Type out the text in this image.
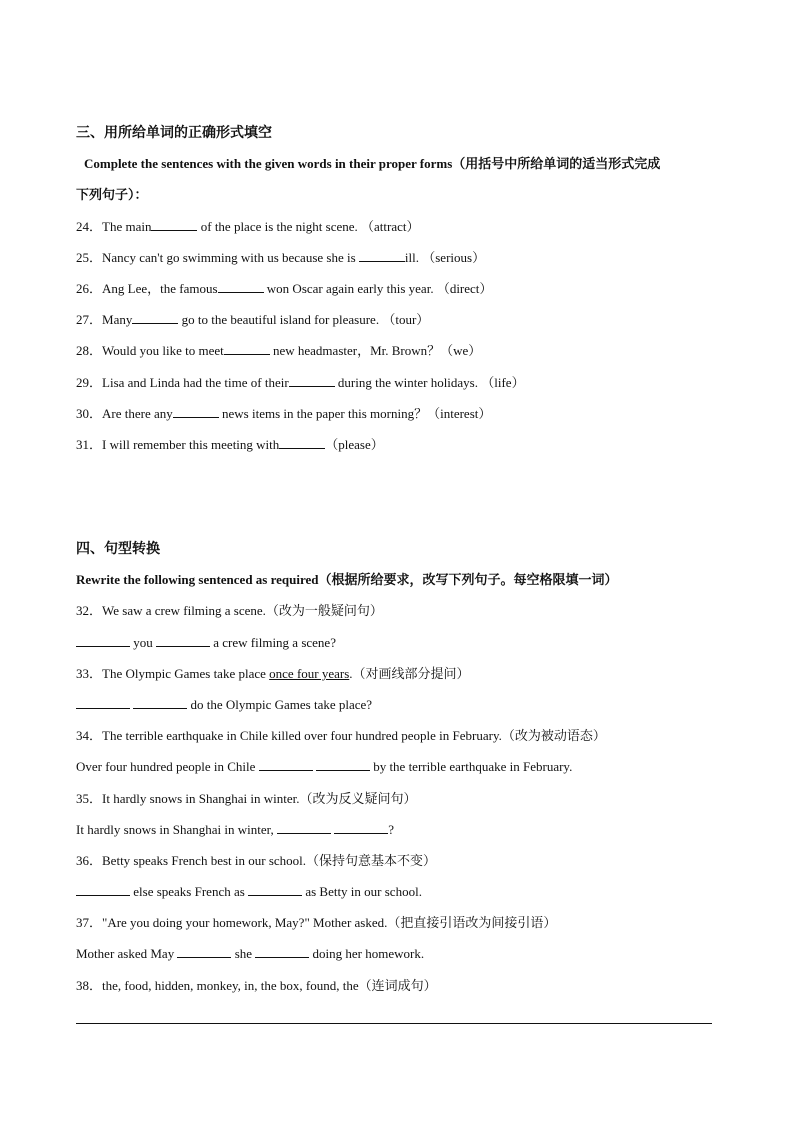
三、用所给单词的正确形式填空
Complete the sentences with the given words in their proper forms（用括号中所给单词的适当形式完成
下列句子）：
24．The main	of the place is the night scene. （attract）
25．Nancy can't go swimming with us because she is	ill. （serious）
26．Ang Lee，the famous	won Oscar again early this year. （direct）
27．Many	go to the beautiful island for pleasure. （tour）
28．Would you like to meet	new headmaster，Mr. Brown？（we）
29．Lisa and Linda had the time of their	during the winter holidays. （life）
30．Are there any	news items in the paper this morning？（interest）
31．I will remember this meeting with	（please）
四、句型转换
Rewrite the following sentenced as required（根据所给要求，改写下列句子。每空格限填一词）
32．We saw a crew filming a scene.（改为一般疑问句）
you	a crew filming a scene?
33．The Olympic Games take place once four years.（对画线部分提问）
do the Olympic Games take place?
34．The terrible earthquake in Chile killed over four hundred people in February.（改为被动语态）
Over four hundred people in Chile	by the terrible earthquake in February.
35．It hardly snows in Shanghai in winter.（改为反义疑问句）
It hardly snows in Shanghai in winter,	?
36．Betty speaks French best in our school.（保持句意基本不变）
else speaks French as	as Betty in our school.
37．"Are you doing your homework, May?" Mother asked.（把直接引语改为间接引语）
Mother asked May	she	doing her homework.
38．the, food, hidden, monkey, in, the box, found, the（连词成句）
